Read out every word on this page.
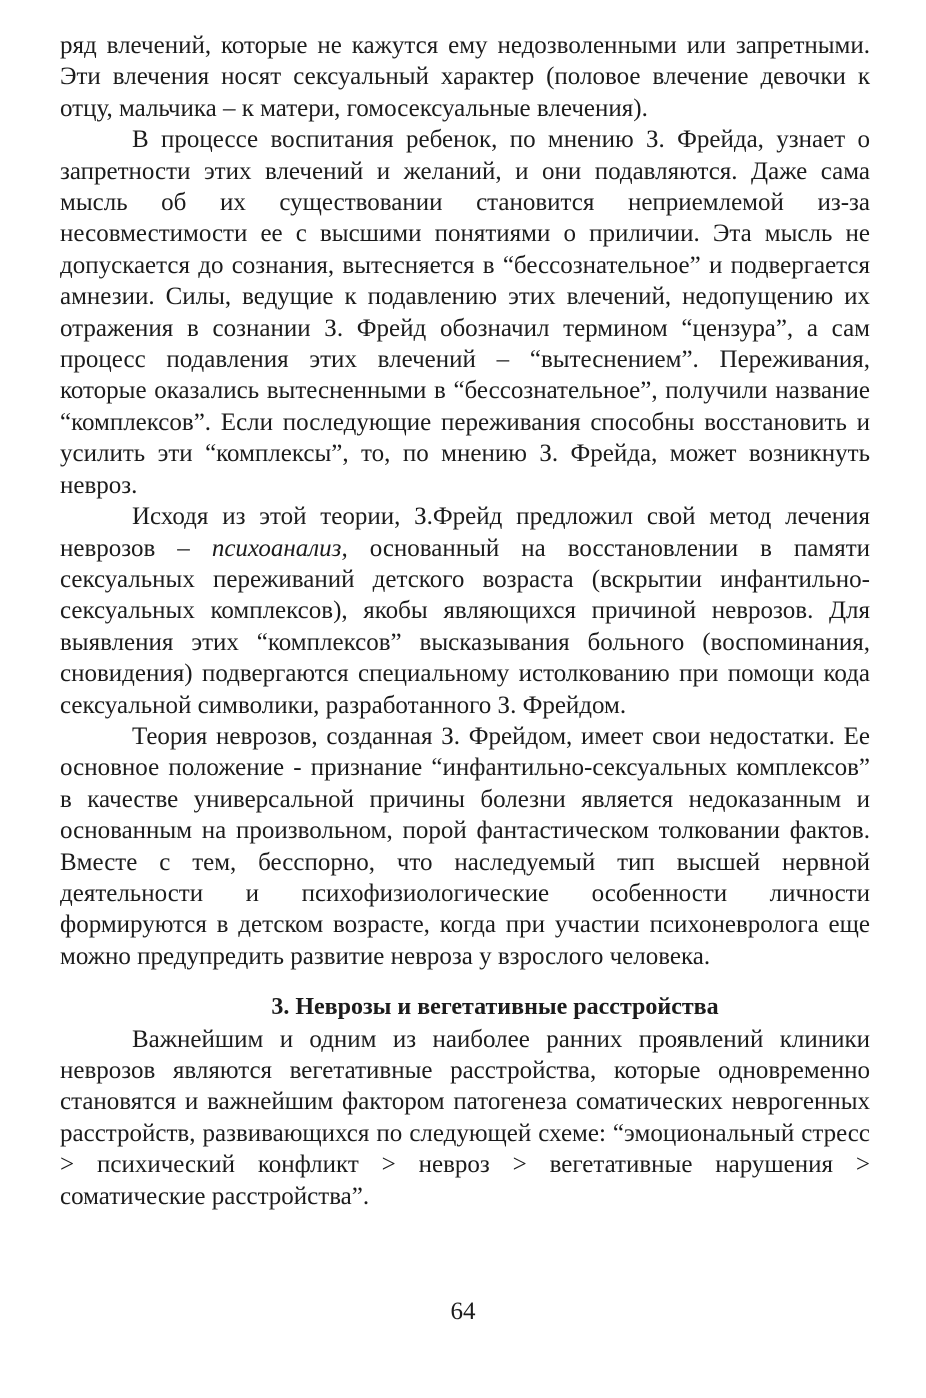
ряд влечений, которые не кажутся ему недозволенными или запретными. Эти влечения носят сексуальный характер (половое влечение девочки к отцу, мальчика – к матери, гомосексуальные влечения).

В процессе воспитания ребенок, по мнению З. Фрейда, узнает о запретности этих влечений и желаний, и они подавляются. Даже сама мысль об их существовании становится неприемлемой из-за несовместимости ее с высшими понятиями о приличии. Эта мысль не допускается до сознания, вытесняется в “бессознательное” и подвергается амнезии. Силы, ведущие к подавлению этих влечений, недопущению их отражения в сознании З. Фрейд обозначил термином “цензура”, а сам процесс подавления этих влечений – “вытеснением”. Переживания, которые оказались вытесненными в “бессознательное”, получили название “комплексов”. Если последующие переживания способны восстановить и усилить эти “комплексы”, то, по мнению З. Фрейда, может возникнуть невроз.

Исходя из этой теории, З.Фрейд предложил свой метод лечения неврозов – психоанализ, основанный на восстановлении в памяти сексуальных переживаний детского возраста (вскрытии инфантильно-сексуальных комплексов), якобы являющихся причиной неврозов. Для выявления этих “комплексов” высказывания больного (воспоминания, сновидения) подвергаются специальному истолкованию при помощи кода сексуальной символики, разработанного З. Фрейдом.

Теория неврозов, созданная З. Фрейдом, имеет свои недостатки. Ее основное положение - признание “инфантильно-сексуальных комплексов” в качестве универсальной причины болезни является недоказанным и основанным на произвольном, порой фантастическом толковании фактов. Вместе с тем, бесспорно, что наследуемый тип высшей нервной деятельности и психофизиологические особенности личности формируются в детском возрасте, когда при участии психоневролога еще можно предупредить развитие невроза у взрослого человека.

3. Неврозы и вегетативные расстройства

Важнейшим и одним из наиболее ранних проявлений клиники неврозов являются вегетативные расстройства, которые одновременно становятся и важнейшим фактором патогенеза соматических неврогенных расстройств, развивающихся по следующей схеме: “эмоциональный стресс > психический конфликт > невроз > вегетативные нарушения > соматические расстройства”.

64
